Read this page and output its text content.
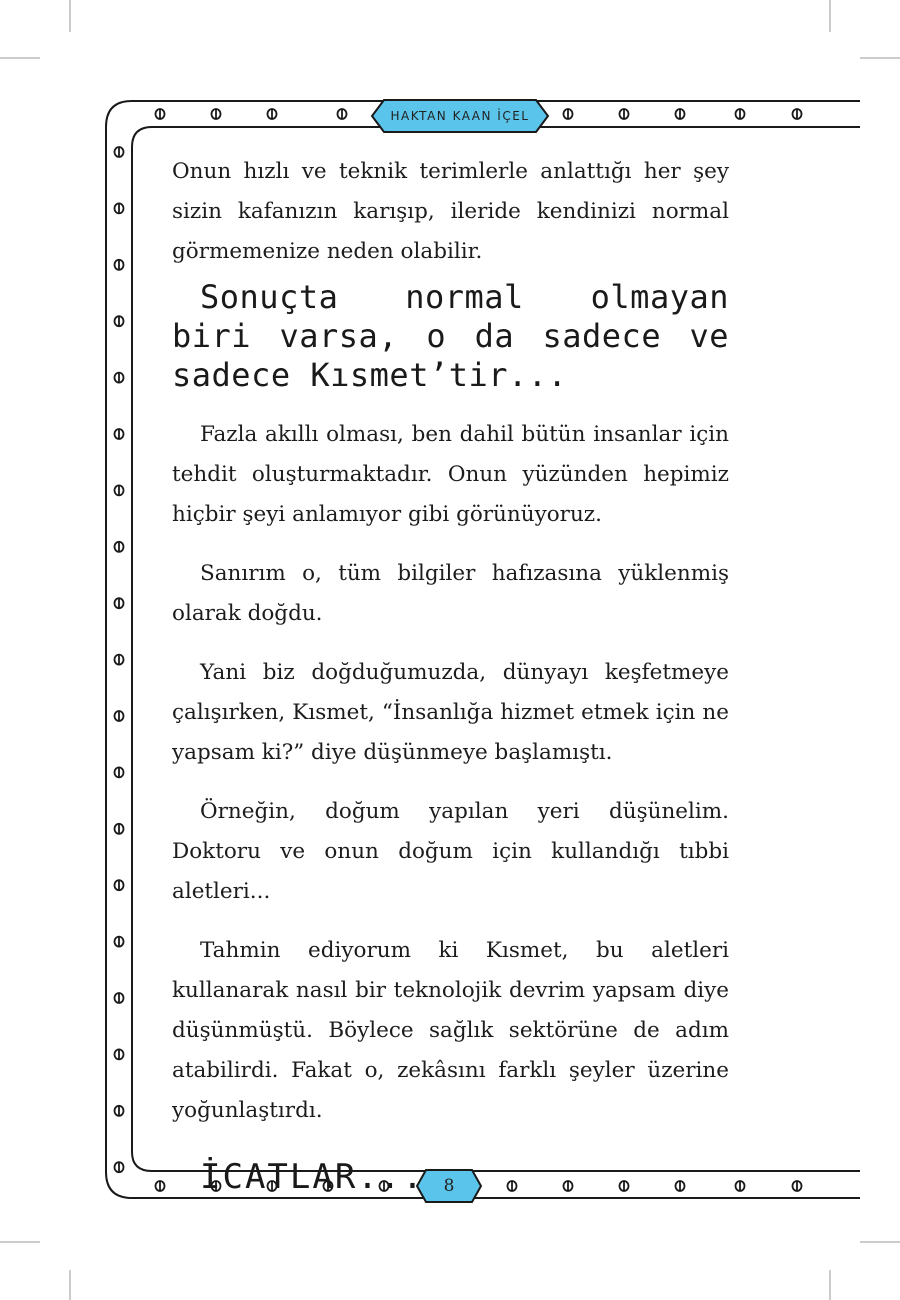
HAKTAN KAAN İÇEL
8

Onun hızlı ve teknik terimlerle anlattığı her şey sizin kafanızın karışıp, ileride kendinizi normal görmemenize neden olabilir.

Sonuçta normal olmayan biri varsa, o da sadece ve sadece Kısmet’tir...

Fazla akıllı olması, ben dahil bütün insanlar için tehdit oluşturmaktadır. Onun yüzünden hepimiz hiçbir şeyi anlamıyor gibi görünüyoruz.

Sanırım o, tüm bilgiler hafızasına yüklenmiş olarak doğdu.

Yani biz doğduğumuzda, dünyayı keşfetmeye çalışırken, Kısmet, “İnsanlığa hizmet etmek için ne yapsam ki?” diye düşünmeye başlamıştı.

Örneğin, doğum yapılan yeri düşünelim. Doktoru ve onun doğum için kullandığı tıbbi aletleri...

Tahmin ediyorum ki Kısmet, bu aletleri kullanarak nasıl bir teknolojik devrim yapsam diye düşünmüştü. Böylece sağlık sektörüne de adım atabilirdi. Fakat o, zekâsını farklı şeyler üzerine yoğunlaştırdı.

İCATLAR...
